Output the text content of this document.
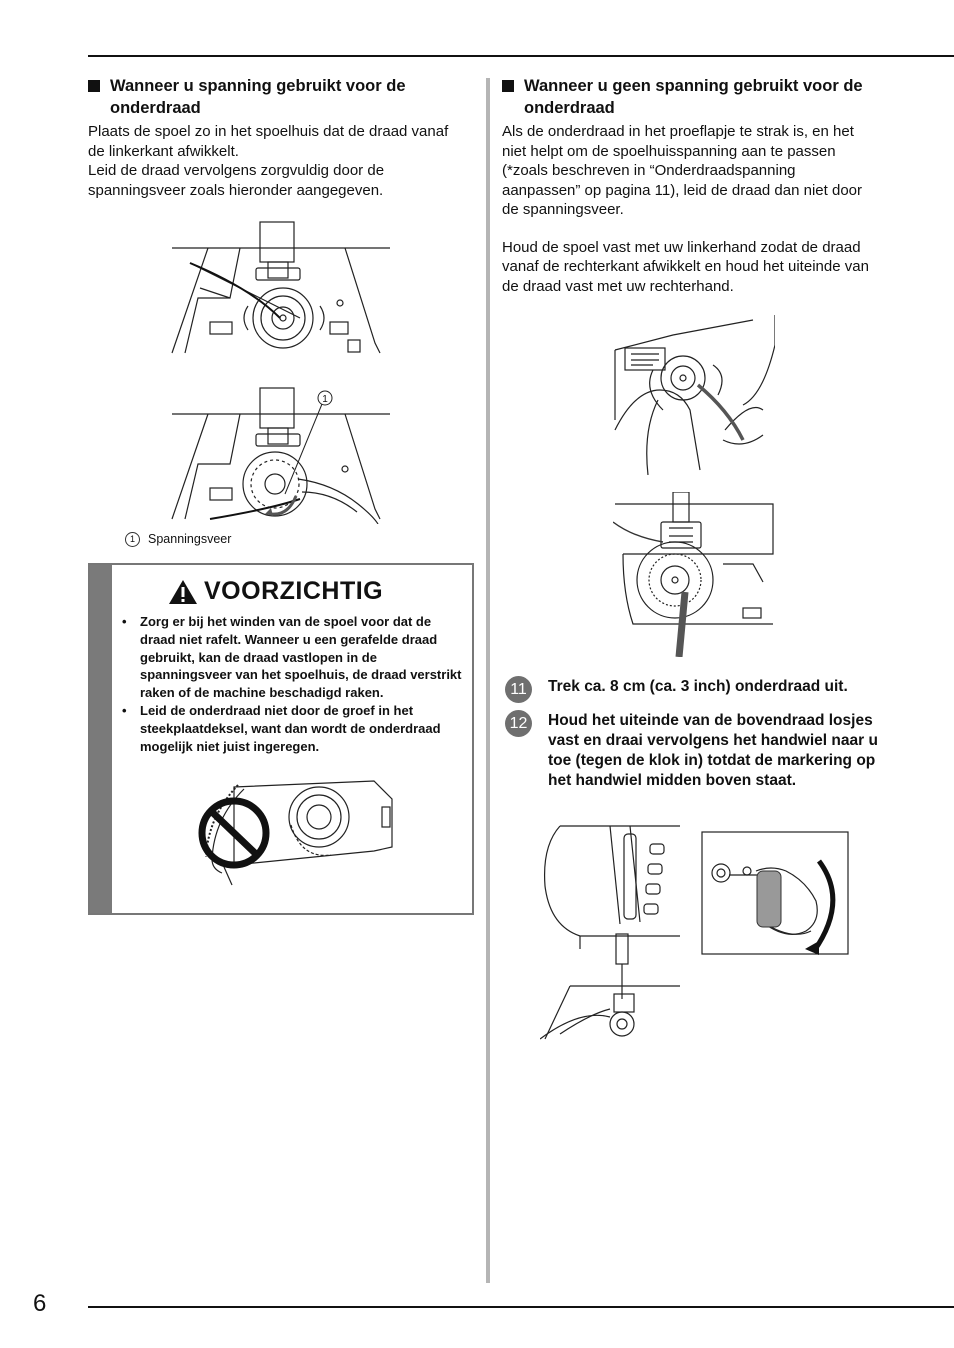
Wanneer u spanning gebruikt voor de
onderdraad

Plaats de spoel zo in het spoelhuis dat de draad vanaf

de linkerkant afwikkelt.

Leid de draad vervolgens zorgvuldig door de

spanningsveer zoals hieronder aangegeven.

1
1 Spanningsveer
VOORZICHTIG
• Zorg er bij het winden van de spoel voor dat de
draad niet rafelt. Wanneer u een gerafelde draad
gebruikt, kan de draad vastlopen in de
spanningsveer van het spoelhuis, de draad verstrikt
raken of de machine beschadigd raken.
• Leid de onderdraad niet door de groef in het
steekplaatdeksel, want dan wordt de onderdraad
mogelijk niet juist ingeregen.
Wanneer u geen spanning gebruikt voor de
onderdraad

Als de onderdraad in het proeflapje te strak is, en het

niet helpt om de spoelhuisspanning aan te passen

(*zoals beschreven in “Onderdraadspanning

aanpassen” op pagina 11), leid de draad dan niet door

de spanningsveer.

Houd de spoel vast met uw linkerhand zodat de draad

vanaf de rechterkant afwikkelt en houd het uiteinde van

de draad vast met uw rechterhand.

11	Trek ca. 8 cm (ca. 3 inch) onderdraad uit.
12 Houd het uiteinde van de bovendraad losjes
vast en draai vervolgens het handwiel naar u
toe (tegen de klok in) totdat de markering op
het handwiel midden boven staat.
6
